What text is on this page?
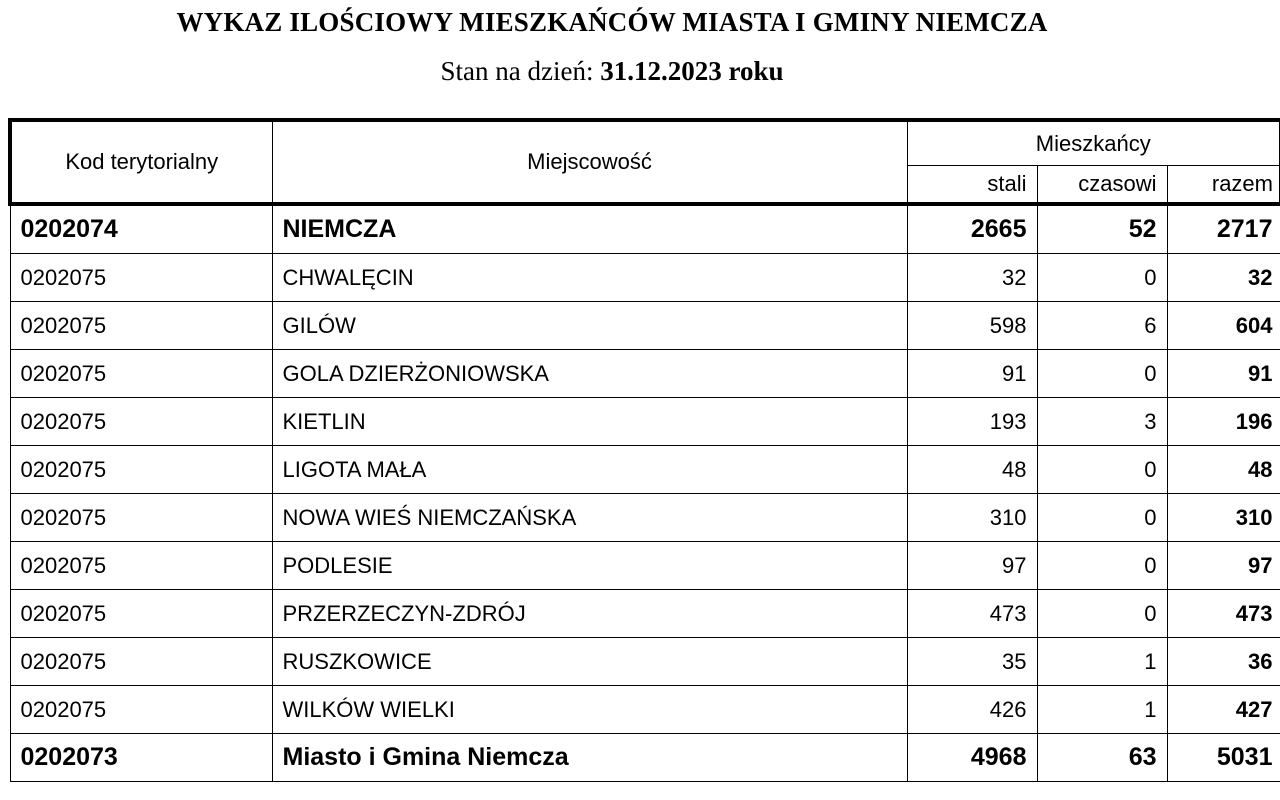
WYKAZ ILOŚCIOWY MIESZKAŃCÓW MIASTA I GMINY NIEMCZA
Stan na dzień: 31.12.2023 roku
Kod terytorialny	Miejscowość	Mieszkańcy		
		stali	czasowi	razem
0202074	NIEMCZA	2665	52	2717
0202075	CHWALĘCIN	32	0	32
0202075	GILÓW	598	6	604
0202075	GOLA DZIERŻONIOWSKA	91	0	91
0202075	KIETLIN	193	3	196
0202075	LIGOTA MAŁA	48	0	48
0202075	NOWA WIEŚ NIEMCZAŃSKA	310	0	310
0202075	PODLESIE	97	0	97
0202075	PRZERZECZYN-ZDRÓJ	473	0	473
0202075	RUSZKOWICE	35	1	36
0202075	WILKÓW WIELKI	426	1	427
0202073	Miasto i Gmina Niemcza	4968	63	5031
